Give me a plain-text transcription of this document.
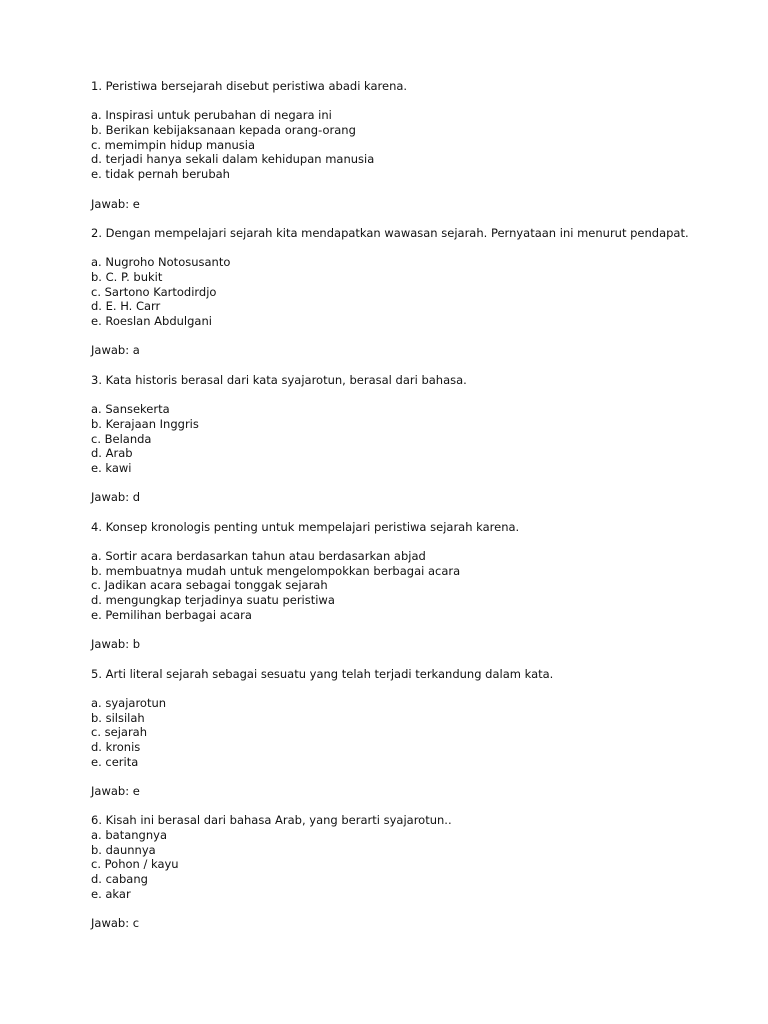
1. Peristiwa bersejarah disebut peristiwa abadi karena.
a. Inspirasi untuk perubahan di negara ini
b. Berikan kebijaksanaan kepada orang-orang
c. memimpin hidup manusia
d. terjadi hanya sekali dalam kehidupan manusia
e. tidak pernah berubah
Jawab: e
2. Dengan mempelajari sejarah kita mendapatkan wawasan sejarah. Pernyataan ini menurut pendapat.
a. Nugroho Notosusanto
b. C. P. bukit
c. Sartono Kartodirdjo
d. E. H. Carr
e. Roeslan Abdulgani
Jawab: a
3. Kata historis berasal dari kata syajarotun, berasal dari bahasa.
a. Sansekerta
b. Kerajaan Inggris
c. Belanda
d. Arab
e. kawi
Jawab: d
4. Konsep kronologis penting untuk mempelajari peristiwa sejarah karena.
a. Sortir acara berdasarkan tahun atau berdasarkan abjad
b. membuatnya mudah untuk mengelompokkan berbagai acara
c. Jadikan acara sebagai tonggak sejarah
d. mengungkap terjadinya suatu peristiwa
e. Pemilihan berbagai acara
Jawab: b
5. Arti literal sejarah sebagai sesuatu yang telah terjadi terkandung dalam kata.
a. syajarotun
b. silsilah
c. sejarah
d. kronis
e. cerita
Jawab: e
6. Kisah ini berasal dari bahasa Arab, yang berarti syajarotun..
a. batangnya
b. daunnya
c. Pohon / kayu
d. cabang
e. akar
Jawab: c
